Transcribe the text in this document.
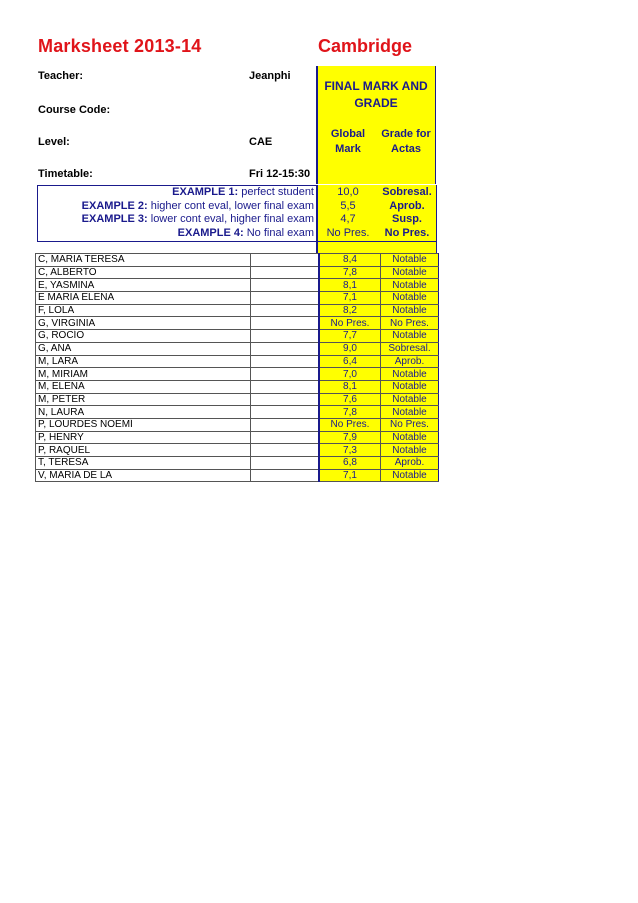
Marksheet 2013-14	Cambridge
Teacher:	Jeanphi
Course Code:
Level:	CAE
Timetable:	Fri 12-15:30
FINAL MARK AND GRADE
Global Mark
Grade for Actas
EXAMPLE 1: perfect student	10,0	Sobresal.
EXAMPLE 2: higher cont eval, lower final exam	5,5	Aprob.
EXAMPLE 3: lower cont eval, higher final exam	4,7	Susp.
EXAMPLE 4: No final exam	No Pres.	No Pres.
C, MARIA TERESA		8,4	Notable
C, ALBERTO		7,8	Notable
E, YASMINA		8,1	Notable
E MARIA ELENA		7,1	Notable
F, LOLA		8,2	Notable
G, VIRGINIA		No Pres.	No Pres.
G, ROCÍO		7,7	Notable
G, ANA		9,0	Sobresal.
M, LARA		6,4	Aprob.
M, MIRIAM		7,0	Notable
M, ELENA		8,1	Notable
M, PETER		7,6	Notable
N, LAURA		7,8	Notable
P, LOURDES NOEMÍ		No Pres.	No Pres.
P, HENRY		7,9	Notable
P, RAQUEL		7,3	Notable
T, TERESA		6,8	Aprob.
V, MARIA DE LA		7,1	Notable
